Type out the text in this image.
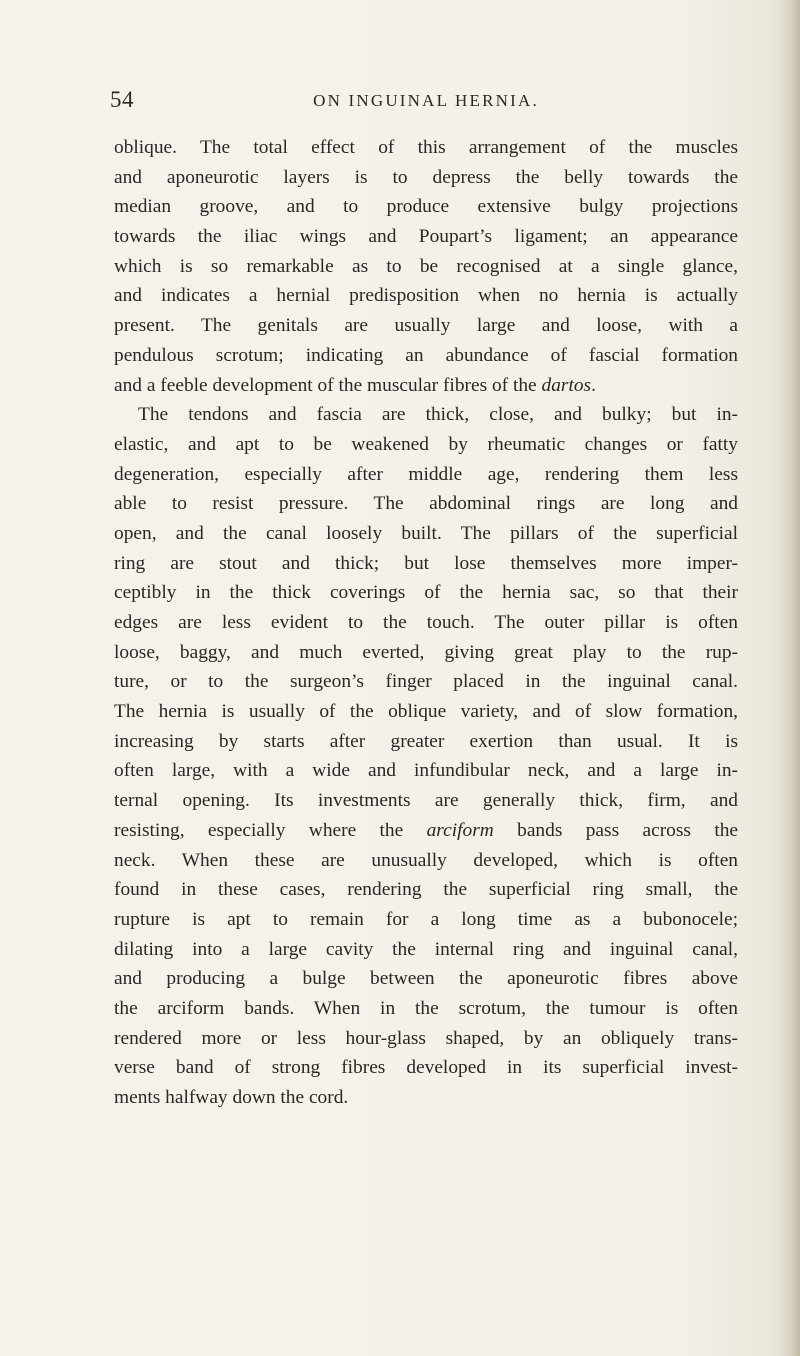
54	ON INGUINAL HERNIA.
oblique. The total effect of this arrangement of the muscles
and aponeurotic layers is to depress the belly towards the
median groove, and to produce extensive bulgy projections
towards the iliac wings and Poupart’s ligament; an appearance
which is so remarkable as to be recognised at a single glance,
and indicates a hernial predisposition when no hernia is actually
present. The genitals are usually large and loose, with a
pendulous scrotum; indicating an abundance of fascial formation
and a feeble development of the muscular fibres of the dartos.
The tendons and fascia are thick, close, and bulky; but in-
elastic, and apt to be weakened by rheumatic changes or fatty
degeneration, especially after middle age, rendering them less
able to resist pressure. The abdominal rings are long and
open, and the canal loosely built. The pillars of the superficial
ring are stout and thick; but lose themselves more imper-
ceptibly in the thick coverings of the hernia sac, so that their
edges are less evident to the touch. The outer pillar is often
loose, baggy, and much everted, giving great play to the rup-
ture, or to the surgeon’s finger placed in the inguinal canal.
The hernia is usually of the oblique variety, and of slow formation,
increasing by starts after greater exertion than usual. It is
often large, with a wide and infundibular neck, and a large in-
ternal opening. Its investments are generally thick, firm, and
resisting, especially where the arciform bands pass across the
neck. When these are unusually developed, which is often
found in these cases, rendering the superficial ring small, the
rupture is apt to remain for a long time as a bubonocele;
dilating into a large cavity the internal ring and inguinal canal,
and producing a bulge between the aponeurotic fibres above
the arciform bands. When in the scrotum, the tumour is often
rendered more or less hour-glass shaped, by an obliquely trans-
verse band of strong fibres developed in its superficial invest-
ments halfway down the cord.
